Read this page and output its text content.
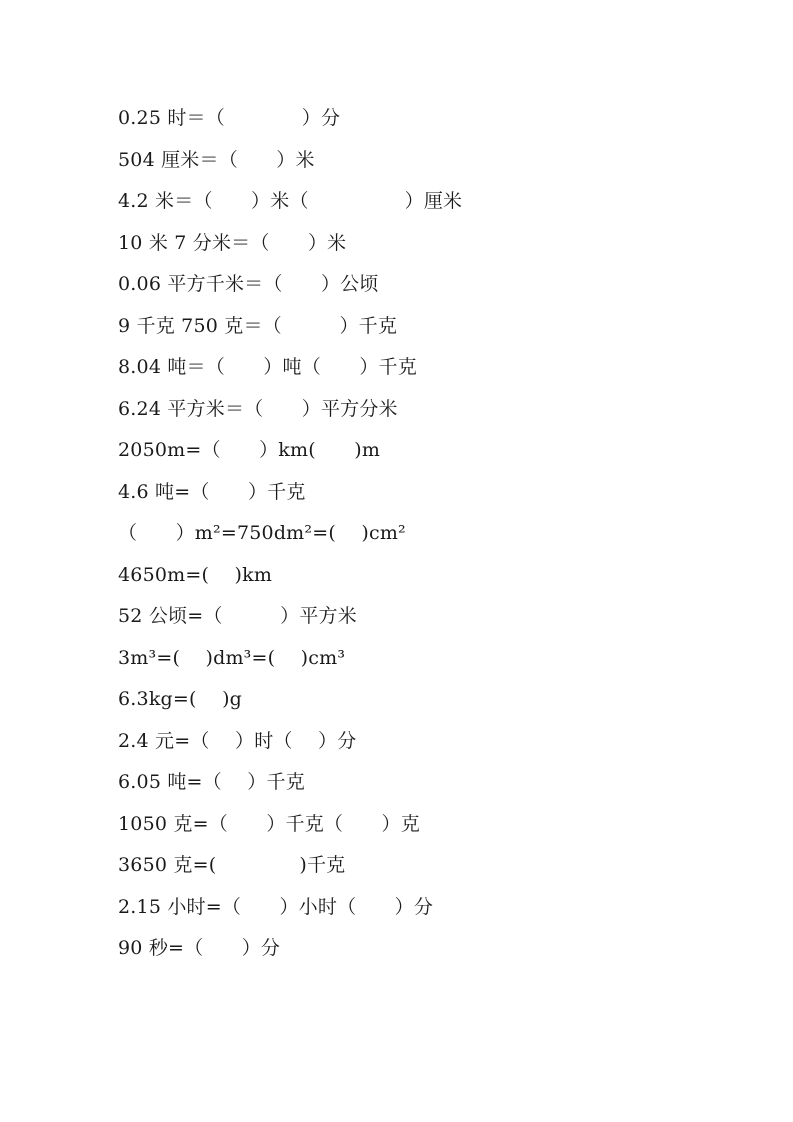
0.25 时＝（　　　　）分
504 厘米＝（　　）米
4.2 米＝（　　）米（　　　　　）厘米
10 米 7 分米＝（　　）米
0.06 平方千米＝（　　）公顷
9 千克 750 克＝（　　　）千克
8.04 吨＝（　　）吨（　　）千克
6.24 平方米＝（　　）平方分米
2050m=（　　）km(　　)m
4.6 吨=（　　）千克
（　　）m²=750dm²=(　 )cm²
4650m=(　 )km
52 公顷=（　　　）平方米
3m³=(　 )dm³=(　 )cm³
6.3kg=(　 )g
2.4 元=（　 ）时（　 ）分
6.05 吨=（　 ）千克
1050 克=（　　）千克（　　）克
3650 克=(　　　　 )千克
2.15 小时=（　　）小时（　　）分
90 秒=（　　）分
